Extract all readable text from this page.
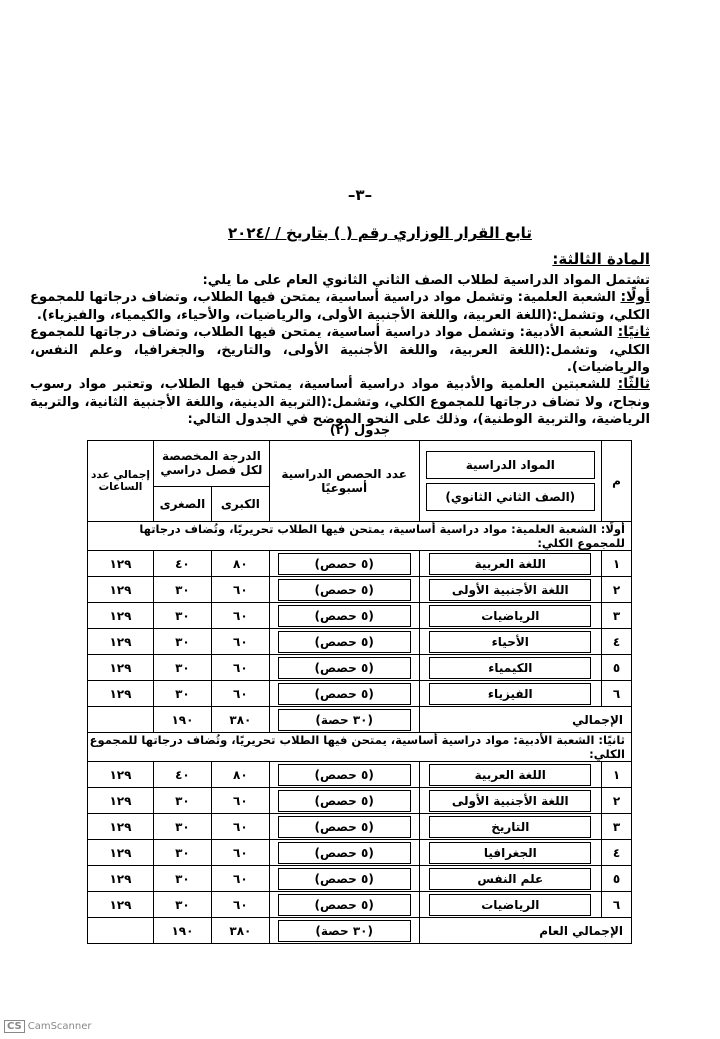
–٣–
تابع القرار الوزاري رقم ( ) بتاريخ / /٢٠٢٤
المادة الثالثة:

تشتمل المواد الدراسية لطلاب الصف الثاني الثانوي العام على ما يلي:

أولًا: الشعبة العلمية: وتشمل مواد دراسية أساسية، يمتحن فيها الطلاب، وتضاف درجاتها للمجموع الكلي، وتشمل:(اللغة العربية، واللغة الأجنبية الأولى، والرياضيات، والأحياء، والكيمياء، والفيزياء).

ثانيًا: الشعبة الأدبية: وتشمل مواد دراسية أساسية، يمتحن فيها الطلاب، وتضاف درجاتها للمجموع الكلي، وتشمل:(اللغة العربية، واللغة الأجنبية الأولى، والتاريخ، والجغرافيا، وعلم النفس، والرياضيات).

ثالثًا: للشعبتين العلمية والأدبية مواد دراسية أساسية، يمتحن فيها الطلاب، وتعتبر مواد رسوب ونجاح، ولا تضاف درجاتها للمجموع الكلي، وتشمل:(التربية الدينية، واللغة الأجنبية الثانية، والتربية الرياضية، والتربية الوطنية)، وذلك على النحو الموضح في الجدول التالي:

جدول (٢)
م	المواد الدراسية
(الصف الثاني الثانوي)	عدد الحصص الدراسية أسبوعيًا	الدرجة المخصصة لكل فصل دراسي		إجمالي عدد الساعات
			الكبرى	الصغرى	
أولًا: الشعبة العلمية: مواد دراسية أساسية، يمتحن فيها الطلاب تحريريًا، وتُضاف درجاتها للمجموع الكلي:					
١	اللغة العربية	(٥ حصص)	٨٠	٤٠	١٢٩
٢	اللغة الأجنبية الأولى	(٥ حصص)	٦٠	٣٠	١٢٩
٣	الرياضيات	(٥ حصص)	٦٠	٣٠	١٢٩
٤	الأحياء	(٥ حصص)	٦٠	٣٠	١٢٩
٥	الكيمياء	(٥ حصص)	٦٠	٣٠	١٢٩
٦	الفيزياء	(٥ حصص)	٦٠	٣٠	١٢٩
الإجمالي		(٣٠ حصة)	٣٨٠	١٩٠	
ثانيًا: الشعبة الأدبية: مواد دراسية أساسية، يمتحن فيها الطلاب تحريريًا، وتُضاف درجاتها للمجموع الكلي:					
١	اللغة العربية	(٥ حصص)	٨٠	٤٠	١٢٩
٢	اللغة الأجنبية الأولى	(٥ حصص)	٦٠	٣٠	١٢٩
٣	التاريخ	(٥ حصص)	٦٠	٣٠	١٢٩
٤	الجغرافيا	(٥ حصص)	٦٠	٣٠	١٢٩
٥	علم النفس	(٥ حصص)	٦٠	٣٠	١٢٩
٦	الرياضيات	(٥ حصص)	٦٠	٣٠	١٢٩
الإجمالي العام		(٣٠ حصة)	٣٨٠	١٩٠	
CS CamScanner
